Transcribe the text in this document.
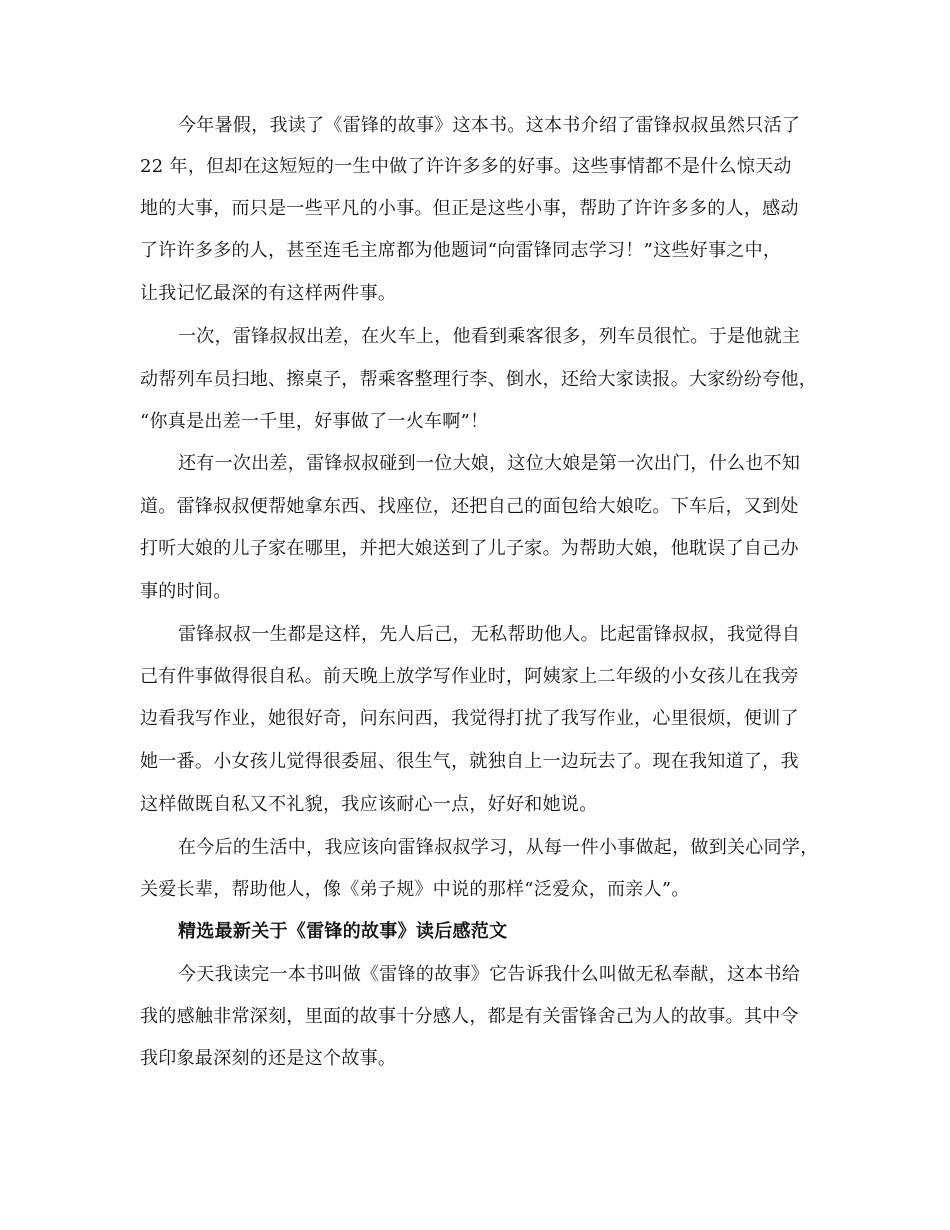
今年暑假，我读了《雷锋的故事》这本书。这本书介绍了雷锋叔叔虽然只活了
22 年，但却在这短短的一生中做了许许多多的好事。这些事情都不是什么惊天动
地的大事，而只是一些平凡的小事。但正是这些小事，帮助了许许多多的人，感动
了许许多多的人，甚至连毛主席都为他题词“向雷锋同志学习！”这些好事之中，
让我记忆最深的有这样两件事。
一次，雷锋叔叔出差，在火车上，他看到乘客很多，列车员很忙。于是他就主
动帮列车员扫地、擦桌子，帮乘客整理行李、倒水，还给大家读报。大家纷纷夸他，
“你真是出差一千里，好事做了一火车啊”！
还有一次出差，雷锋叔叔碰到一位大娘，这位大娘是第一次出门，什么也不知
道。雷锋叔叔便帮她拿东西、找座位，还把自己的面包给大娘吃。下车后，又到处
打听大娘的儿子家在哪里，并把大娘送到了儿子家。为帮助大娘，他耽误了自己办
事的时间。
雷锋叔叔一生都是这样，先人后己，无私帮助他人。比起雷锋叔叔，我觉得自
己有件事做得很自私。前天晚上放学写作业时，阿姨家上二年级的小女孩儿在我旁
边看我写作业，她很好奇，问东问西，我觉得打扰了我写作业，心里很烦，便训了
她一番。小女孩儿觉得很委屈、很生气，就独自上一边玩去了。现在我知道了，我
这样做既自私又不礼貌，我应该耐心一点，好好和她说。
在今后的生活中，我应该向雷锋叔叔学习，从每一件小事做起，做到关心同学，
关爱长辈，帮助他人，像《弟子规》中说的那样“泛爱众，而亲人”。
精选最新关于《雷锋的故事》读后感范文
今天我读完一本书叫做《雷锋的故事》它告诉我什么叫做无私奉献，这本书给
我的感触非常深刻，里面的故事十分感人，都是有关雷锋舍己为人的故事。其中令
我印象最深刻的还是这个故事。
